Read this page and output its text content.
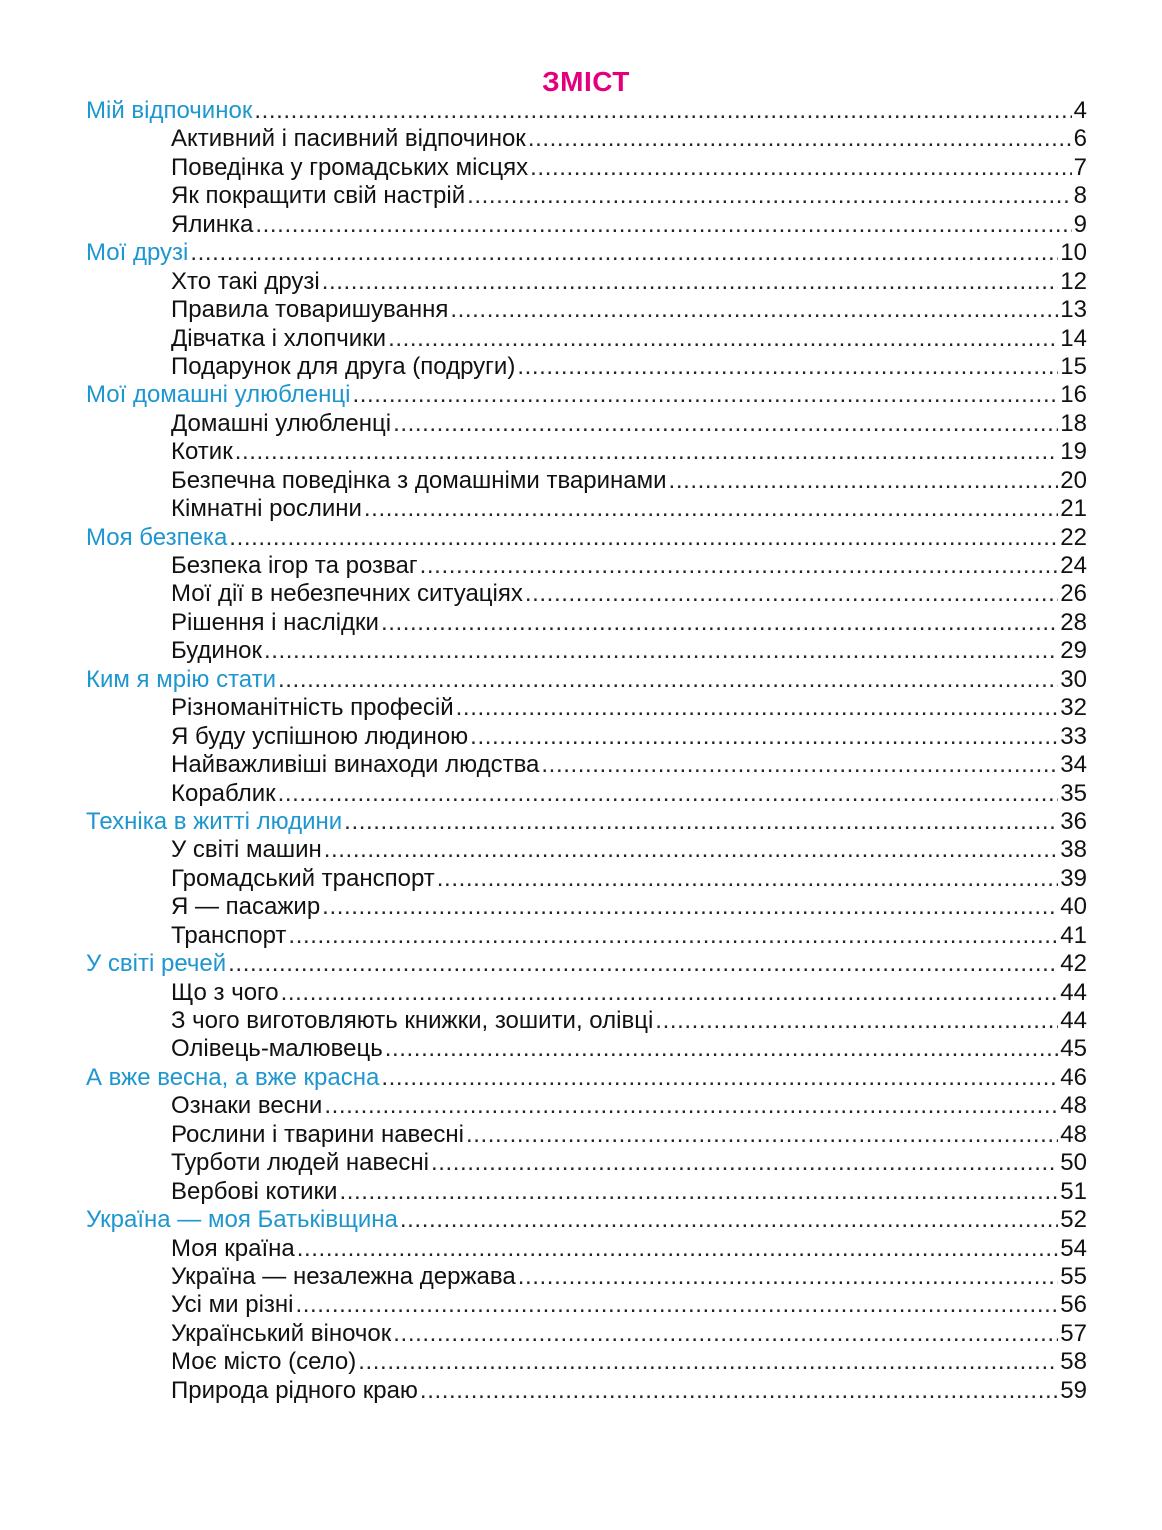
ЗМІСТ
Мій відпочинок .....	4
Активний і пасивний відпочинок .....	6
Поведінка у громадських місцях .....	7
Як покращити свій настрій .....	8
Ялинка .....	9
Мої друзі .....	10
Хто такі друзі .....	12
Правила товаришування .....	13
Дівчатка і хлопчики .....	14
Подарунок для друга (подруги) .....	15
Мої домашні улюбленці .....	16
Домашні улюбленці .....	18
Котик .....	19
Безпечна поведінка з домашніми тваринами .....	20
Кімнатні рослини .....	21
Моя безпека .....	22
Безпека ігор та розваг .....	24
Мої дії в небезпечних ситуаціях .....	26
Рішення і наслідки .....	28
Будинок .....	29
Ким я мрію стати .....	30
Різноманітність професій .....	32
Я буду успішною людиною .....	33
Найважливіші винаходи людства .....	34
Кораблик .....	35
Техніка в житті людини .....	36
У світі машин .....	38
Громадський транспорт .....	39
Я — пасажир .....	40
Транспорт .....	41
У світі речей .....	42
Що з чого .....	44
З чого виготовляють книжки, зошити, олівці .....	44
Олівець-малювець .....	45
А вже весна, а вже красна .....	46
Ознаки весни .....	48
Рослини і тварини навесні .....	48
Турботи людей навесні .....	50
Вербові котики .....	51
Україна — моя Батьківщина .....	52
Моя країна .....	54
Україна — незалежна держава .....	55
Усі ми різні .....	56
Український віночок .....	57
Моє місто (село) .....	58
Природа рідного краю .....	59
